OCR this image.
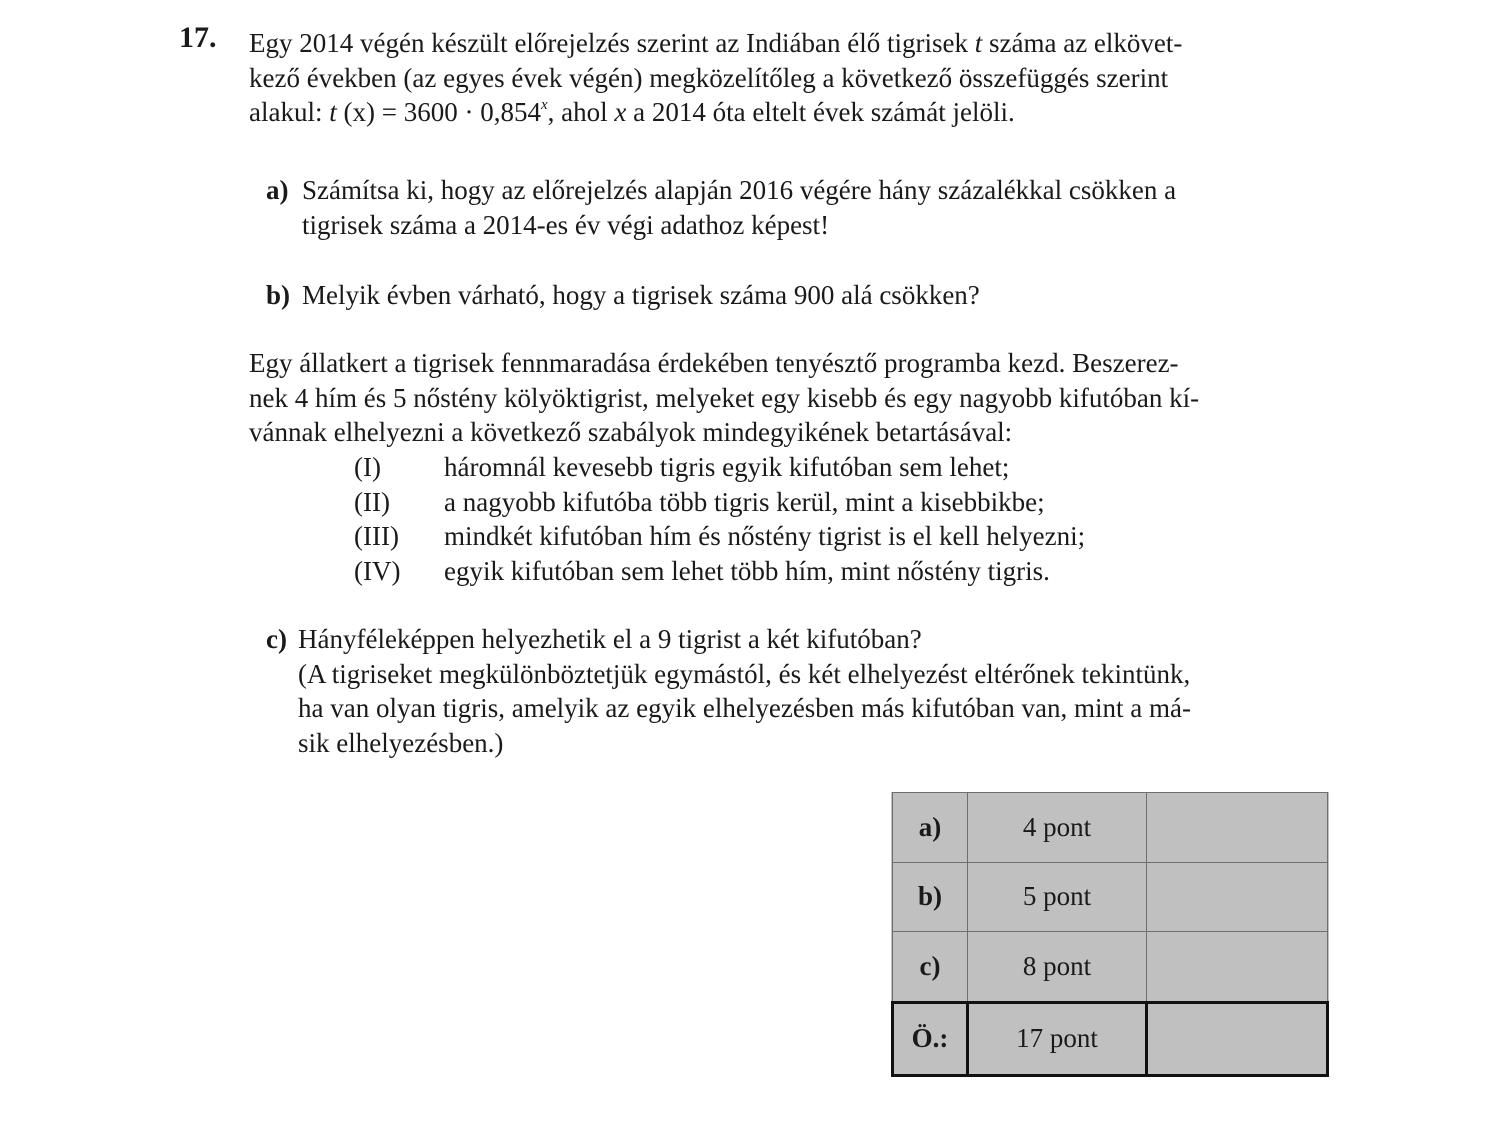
17. Egy 2014 végén készült előrejelzés szerint az Indiában élő tigrisek t száma az elkövet-
kező években (az egyes évek végén) megközelítőleg a következő összefüggés szerint
alakul: t $(x) = 3600 \cdot 0,854^x$, ahol x a 2014 óta eltelt évek számát jelöli.
a) Számítsa ki, hogy az előrejelzés alapján 2016 végére hány százalékkal csökken a
tigrisek száma a 2014-es év végi adathoz képest!
b) Melyik évben várható, hogy a tigrisek száma 900 alá csökken?
Egy állatkert a tigrisek fennmaradása érdekében tenyésztő programba kezd. Beszerez-
nek 4 hím és 5 nőstény kölyöktigrist, melyeket egy kisebb és egy nagyobb kifutóban kí-
vánnak elhelyezni a következő szabályok mindegyikének betartásával:
(I)	háromnál kevesebb tigris egyik kifutóban sem lehet;
(II)	a nagyobb kifutóba több tigris kerül, mint a kisebbikbe;
(III)	mindkét kifutóban hím és nőstény tigrist is el kell helyezni;
(IV)	egyik kifutóban sem lehet több hím, mint nőstény tigris.
c) Hányféleképpen helyezhetik el a 9 tigrist a két kifutóban?
(A tigriseket megkülönböztetjük egymástól, és két elhelyezést eltérőnek tekintünk,
ha van olyan tigris, amelyik az egyik elhelyezésben más kifutóban van, mint a má-
sik elhelyezésben.)
a)	4 pont	
b)	5 pont	
c)	8 pont	
Ö.:	17 pont	
